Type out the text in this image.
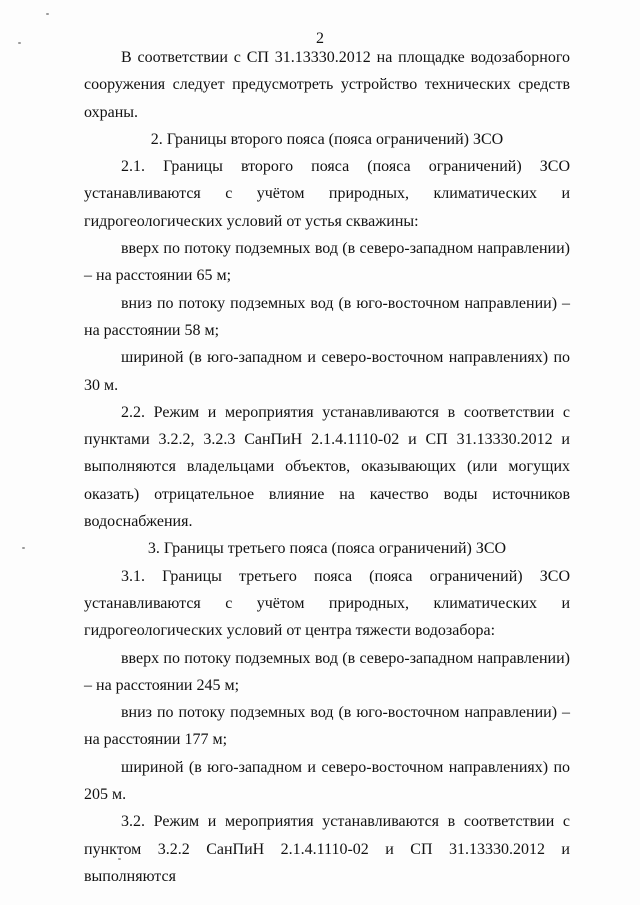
2

В соответствии с СП 31.13330.2012 на площадке водозаборного сооружения следует предусмотреть устройство технических средств охраны.

2. Границы второго пояса (пояса ограничений) ЗСО

2.1. Границы второго пояса (пояса ограничений) ЗСО устанавливаются с учётом природных, климатических и гидрогеологических условий от устья скважины:

вверх по потоку подземных вод (в северо-западном направлении) – на расстоянии 65 м;

вниз по потоку подземных вод (в юго-восточном направлении) – на расстоянии 58 м;

шириной (в юго-западном и северо-восточном направлениях) по 30 м.

2.2. Режим и мероприятия устанавливаются в соответствии с пунктами 3.2.2, 3.2.3 СанПиН 2.1.4.1110-02 и СП 31.13330.2012 и выполняются владельцами объектов, оказывающих (или могущих оказать) отрицательное влияние на качество воды источников водоснабжения.

3. Границы третьего пояса (пояса ограничений) ЗСО

3.1. Границы третьего пояса (пояса ограничений) ЗСО устанавливаются с учётом природных, климатических и гидрогеологических условий от центра тяжести водозабора:

вверх по потоку подземных вод (в северо-западном направлении) – на расстоянии 245 м;

вниз по потоку подземных вод (в юго-восточном направлении) – на расстоянии 177 м;

шириной (в юго-западном и северо-восточном направлениях) по 205 м.

3.2. Режим и мероприятия устанавливаются в соответствии с пунктом 3.2.2 СанПиН 2.1.4.1110-02 и СП 31.13330.2012 и выполняются
